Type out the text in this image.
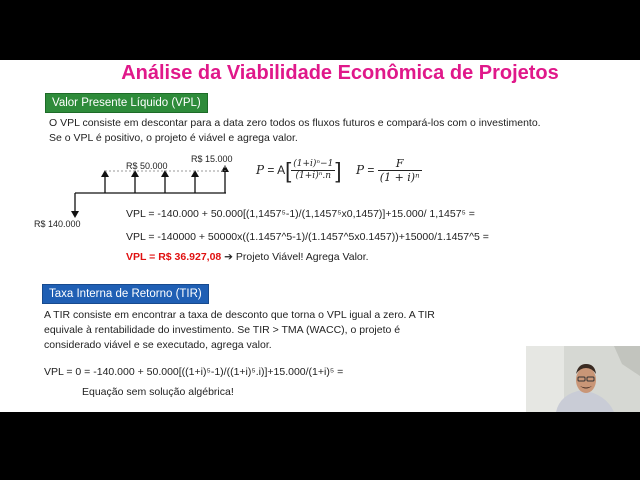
Análise da Viabilidade Econômica de Projetos
Valor Presente Líquido (VPL)
O VPL consiste em descontar para a data zero todos os fluxos futuros e compará-los com o investimento.
Se o VPL é positivo, o projeto é viável e agrega valor.
R$ 50.000
R$ 15.000
R$ 140.000
$P = A[ \frac{\text{(1+i)ⁿ−1}}{\text{(1+i)ⁿ.n}}$ ] $P = \frac{F}{\text{(1 + i)ⁿ}}$
VPL = -140.000 + 50.000[(1,1457⁵-1)/(1,1457⁵x0,1457)]+15.000/ 1,1457⁵ =
VPL = -140000 + 50000x((1.1457^5-1)/(1.1457^5x0.1457))+15000/1.1457^5 =
VPL = R$ 36.927,08 ➔ Projeto Viável! Agrega Valor.
Taxa Interna de Retorno (TIR)
A TIR consiste em encontrar a taxa de desconto que torna o VPL igual a zero. A TIR equivale à rentabilidade do investimento. Se TIR > TMA (WACC), o projeto é considerado viável e se executado, agrega valor.
VPL = 0 = -140.000 + 50.000[((1+i)⁵-1)/((1+i)⁵.i)]+15.000/(1+i)⁵ =
Equação sem solução algébrica!
